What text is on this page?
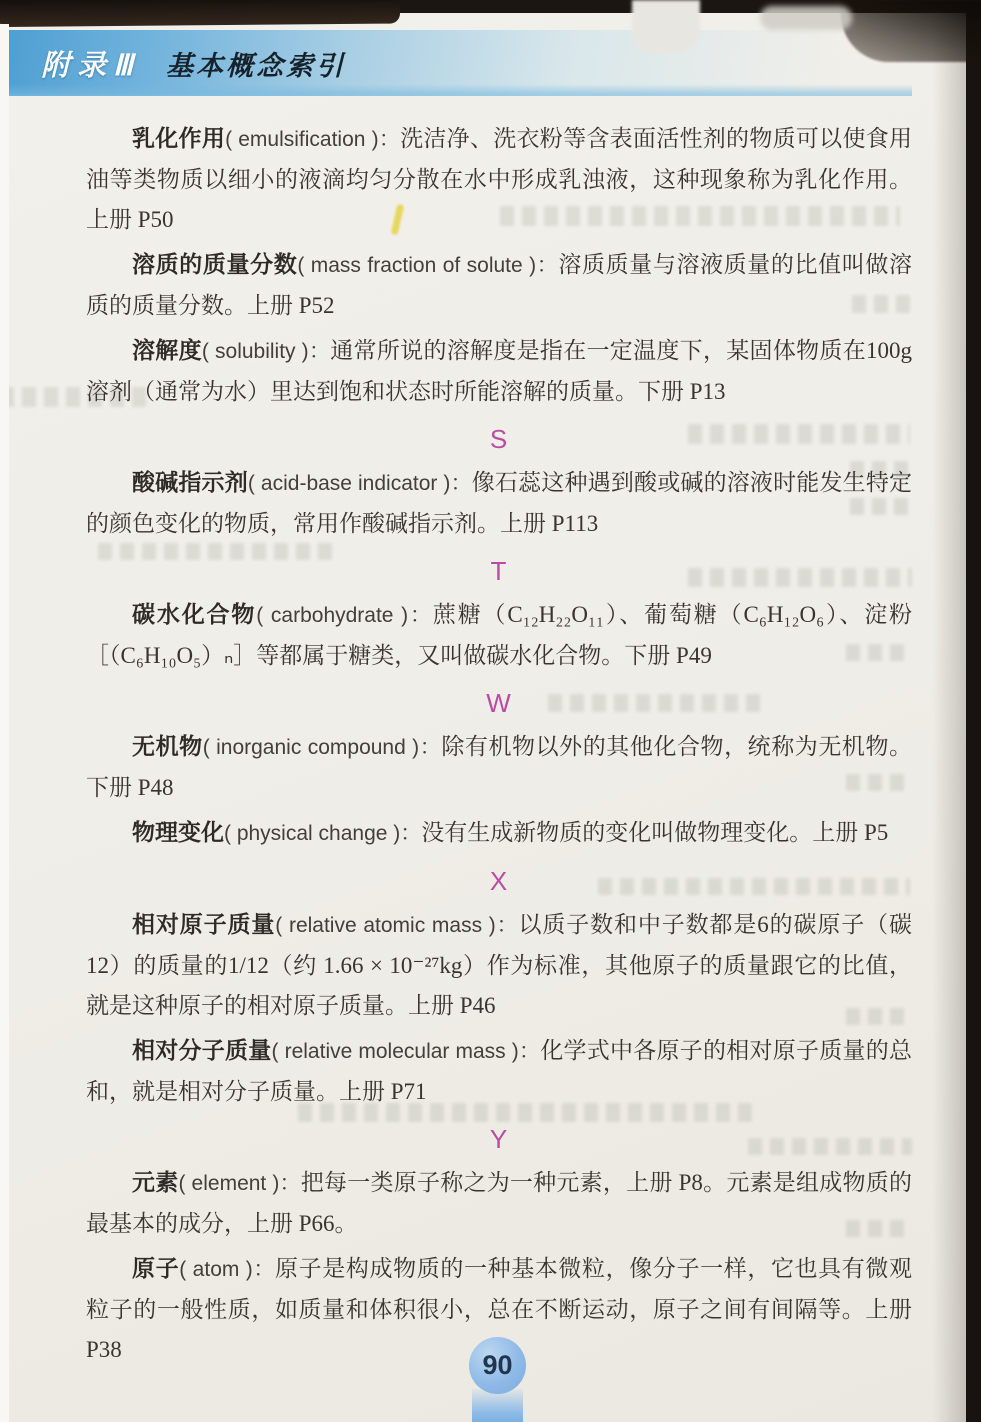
附录Ⅲ 基本概念索引

乳化作用( emulsification )：洗洁净、洗衣粉等含表面活性剂的物质可以使食用油等类物质以细小的液滴均匀分散在水中形成乳浊液，这种现象称为乳化作用。上册 P50

溶质的质量分数( mass fraction of solute )：溶质质量与溶液质量的比值叫做溶质的质量分数。上册 P52

溶解度( solubility )：通常所说的溶解度是指在一定温度下，某固体物质在100g溶剂（通常为水）里达到饱和状态时所能溶解的质量。下册 P13

S

酸碱指示剂( acid-base indicator )：像石蕊这种遇到酸或碱的溶液时能发生特定的颜色变化的物质，常用作酸碱指示剂。上册 P113

T

碳水化合物( carbohydrate )：蔗糖（C₁₂H₂₂O₁₁）、葡萄糖（C₆H₁₂O₆）、淀粉［（C₆H₁₀O₅）ₙ］等都属于糖类，又叫做碳水化合物。下册 P49

W

无机物( inorganic compound )：除有机物以外的其他化合物，统称为无机物。下册 P48

物理变化( physical change )：没有生成新物质的变化叫做物理变化。上册 P5

X

相对原子质量( relative atomic mass )：以质子数和中子数都是6的碳原子（碳12）的质量的1/12（约 1.66 × 10⁻²⁷kg）作为标准，其他原子的质量跟它的比值，就是这种原子的相对原子质量。上册 P46

相对分子质量( relative molecular mass )：化学式中各原子的相对原子质量的总和，就是相对分子质量。上册 P71

Y

元素( element )：把每一类原子称之为一种元素，上册 P8。元素是组成物质的最基本的成分，上册 P66。

原子( atom )：原子是构成物质的一种基本微粒，像分子一样，它也具有微观粒子的一般性质，如质量和体积很小，总在不断运动，原子之间有间隔等。上册 P38

90
